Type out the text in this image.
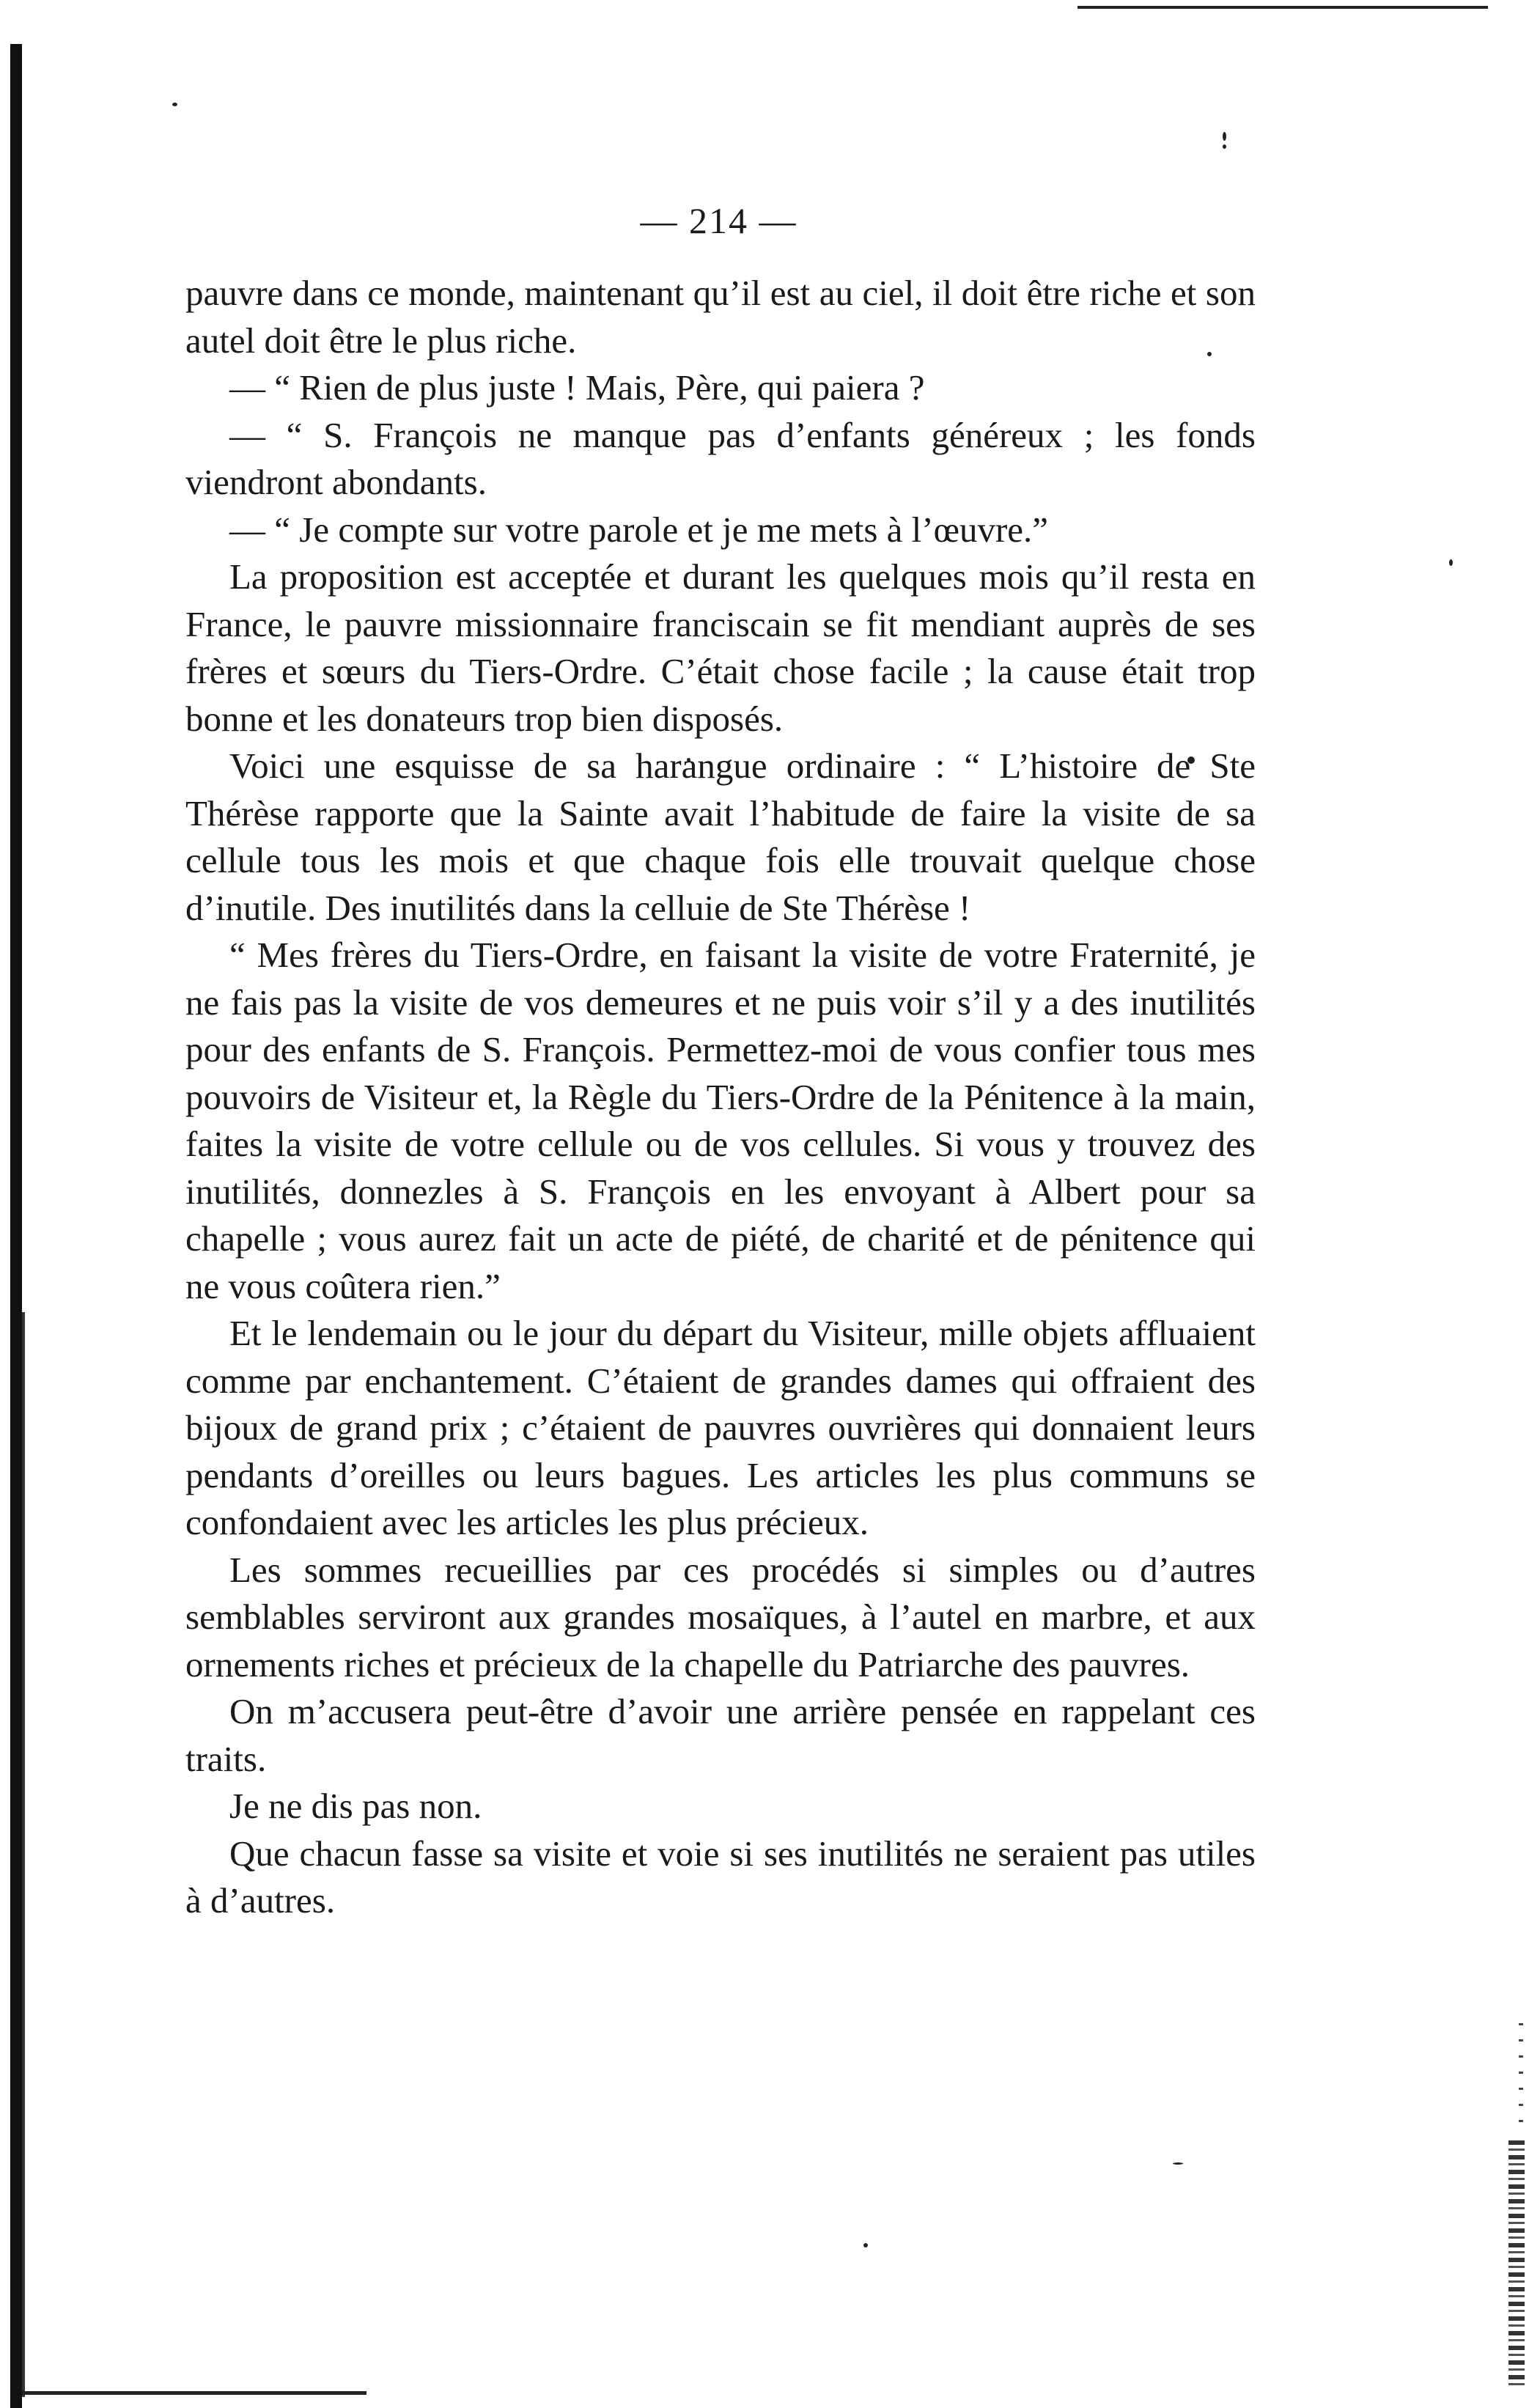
— 214 —

pauvre dans ce monde, maintenant qu’il est au ciel, il doit être riche et son autel doit être le plus riche.

— “ Rien de plus juste ! Mais, Père, qui paiera ?

— “ S. François ne manque pas d’enfants généreux ; les fonds viendront abondants.

— “ Je compte sur votre parole et je me mets à l’œuvre.”

La proposition est acceptée et durant les quelques mois qu’il resta en France, le pauvre missionnaire franciscain se fit mendiant auprès de ses frères et sœurs du Tiers-Ordre. C’était chose facile ; la cause était trop bonne et les donateurs trop bien disposés.

Voici une esquisse de sa harangue ordinaire : “ L’histoire de Ste Thérèse rapporte que la Sainte avait l’habitude de faire la visite de sa cellule tous les mois et que chaque fois elle trouvait quelque chose d’inutile. Des inutilités dans la celluie de Ste Thérèse !

“ Mes frères du Tiers-Ordre, en faisant la visite de votre Fraternité, je ne fais pas la visite de vos demeures et ne puis voir s’il y a des inutilités pour des enfants de S. François. Permettez-moi de vous confier tous mes pouvoirs de Visiteur et, la Règle du Tiers-Ordre de la Pénitence à la main, faites la visite de votre cellule ou de vos cellules. Si vous y trouvez des inutilités, donnezles à S. François en les envoyant à Albert pour sa chapelle ; vous aurez fait un acte de piété, de charité et de pénitence qui ne vous coûtera rien.”

Et le lendemain ou le jour du départ du Visiteur, mille objets affluaient comme par enchantement. C’étaient de grandes dames qui offraient des bijoux de grand prix ; c’étaient de pauvres ouvrières qui donnaient leurs pendants d’oreilles ou leurs bagues. Les articles les plus communs se confondaient avec les articles les plus précieux.

Les sommes recueillies par ces procédés si simples ou d’autres semblables serviront aux grandes mosaïques, à l’autel en marbre, et aux ornements riches et précieux de la chapelle du Patriarche des pauvres.

On m’accusera peut-être d’avoir une arrière pensée en rappelant ces traits.

Je ne dis pas non.

Que chacun fasse sa visite et voie si ses inutilités ne seraient pas utiles à d’autres.
